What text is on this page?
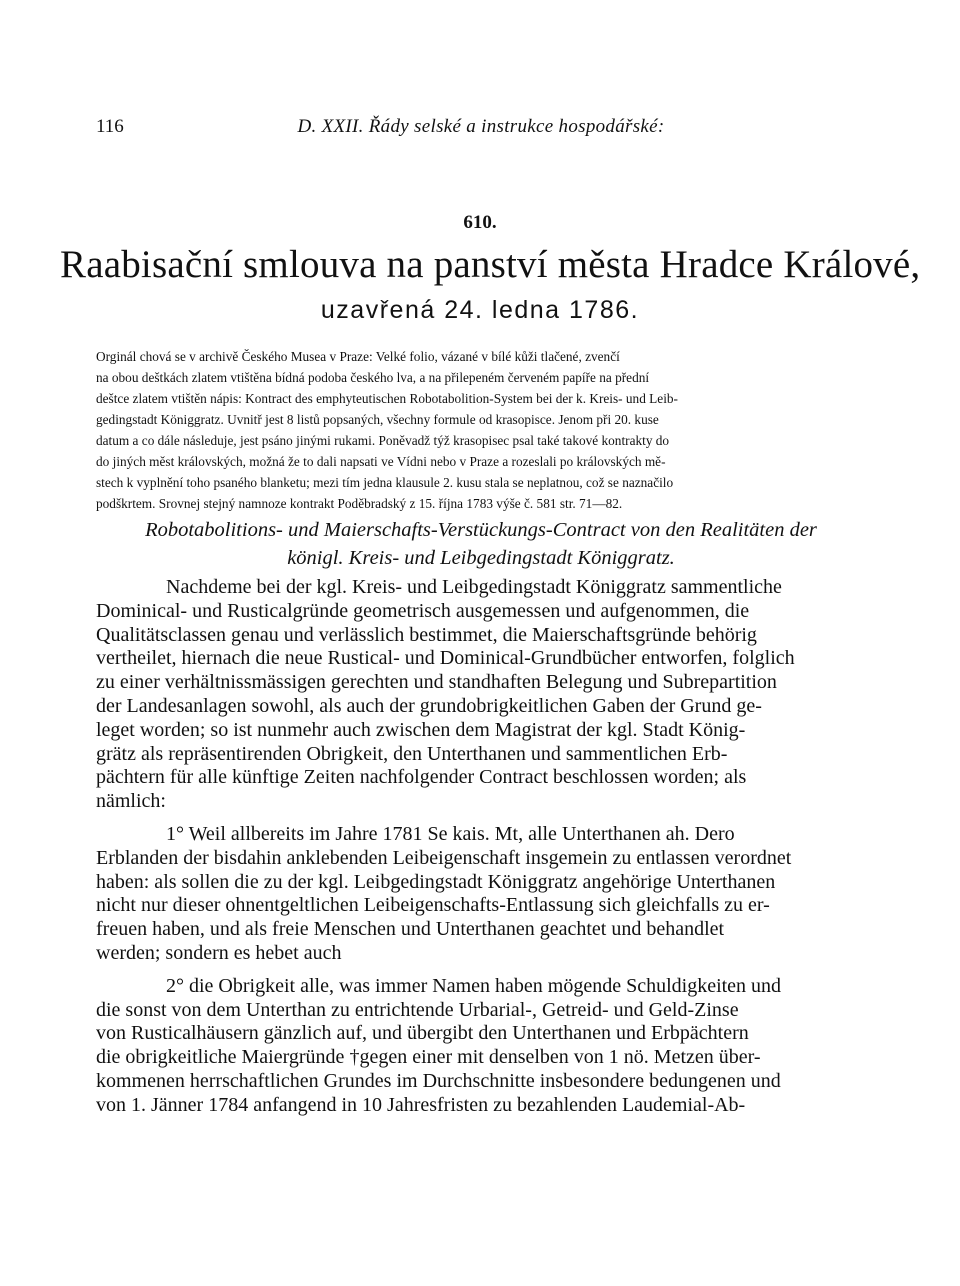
116	D. XXII. Řády selské a instrukce hospodářské:
610.
Raabisační smlouva na panství města Hradce Králové,
uzavřená 24. ledna 1786.
Orginál chová se v archivě Českého Musea v Praze: Velké folio, vázané v bílé kůži tlačené, zvenčí
na obou deštkách zlatem vtištěna bídná podoba českého lva, a na přilepeném červeném papíře na přední
deštce zlatem vtištěn nápis: Kontract des emphyteutischen Robotabolition-System bei der k. Kreis- und Leib-
gedingstadt Königgratz. Uvnitř jest 8 listů popsaných, všechny formule od krasopisce. Jenom při 20. kuse
datum a co dále následuje, jest psáno jinými rukami. Poněvadž týž krasopisec psal také takové kontrakty do
do jiných měst královských, možná že to dali napsati ve Vídni nebo v Praze a rozeslali po královských mě-
stech k vyplnění toho psaného blanketu; mezi tím jedna klausule 2. kusu stala se neplatnou, což se naznačilo
podškrtem. Srovnej stejný namnoze kontrakt Poděbradský z 15. října 1783 výše č. 581 str. 71—82.
Robotabolitions- und Maierschafts-Verstückungs-Contract von den Realitäten der
königl. Kreis- und Leibgedingstadt Königgratz.

Nachdeme bei der kgl. Kreis- und Leibgedingstadt Königgratz sammentliche
Dominical- und Rusticalgründe geometrisch ausgemessen und aufgenommen, die
Qualitätsclassen genau und verlässlich bestimmet, die Maierschaftsgründe behörig
vertheilet, hiernach die neue Rustical- und Dominical-Grundbücher entworfen, folglich
zu einer verhältnissmässigen gerechten und standhaften Belegung und Subrepartition
der Landesanlagen sowohl, als auch der grundobrigkeitlichen Gaben der Grund ge-
leget worden; so ist nunmehr auch zwischen dem Magistrat der kgl. Stadt König-
grätz als repräsentirenden Obrigkeit, den Unterthanen und sammentlichen Erb-
pächtern für alle künftige Zeiten nachfolgender Contract beschlossen worden; als
nämlich:

1° Weil allbereits im Jahre 1781 Se kais. Mt, alle Unterthanen ah. Dero
Erblanden der bisdahin anklebenden Leibeigenschaft insgemein zu entlassen verordnet
haben: als sollen die zu der kgl. Leibgedingstadt Königgratz angehörige Unterthanen
nicht nur dieser ohnentgeltlichen Leibeigenschafts-Entlassung sich gleichfalls zu er-
freuen haben, und als freie Menschen und Unterthanen geachtet und behandlet
werden; sondern es hebet auch

2° die Obrigkeit alle, was immer Namen haben mögende Schuldigkeiten und
die sonst von dem Unterthan zu entrichtende Urbarial-, Getreid- und Geld-Zinse
von Rusticalhäusern gänzlich auf, und übergibt den Unterthanen und Erbpächtern
die obrigkeitliche Maiergründe †gegen einer mit denselben von 1 nö. Metzen über-
kommenen herrschaftlichen Grundes im Durchschnitte insbesondere bedungenen und
von 1. Jänner 1784 anfangend in 10 Jahresfristen zu bezahlenden Laudemial-Ab-
